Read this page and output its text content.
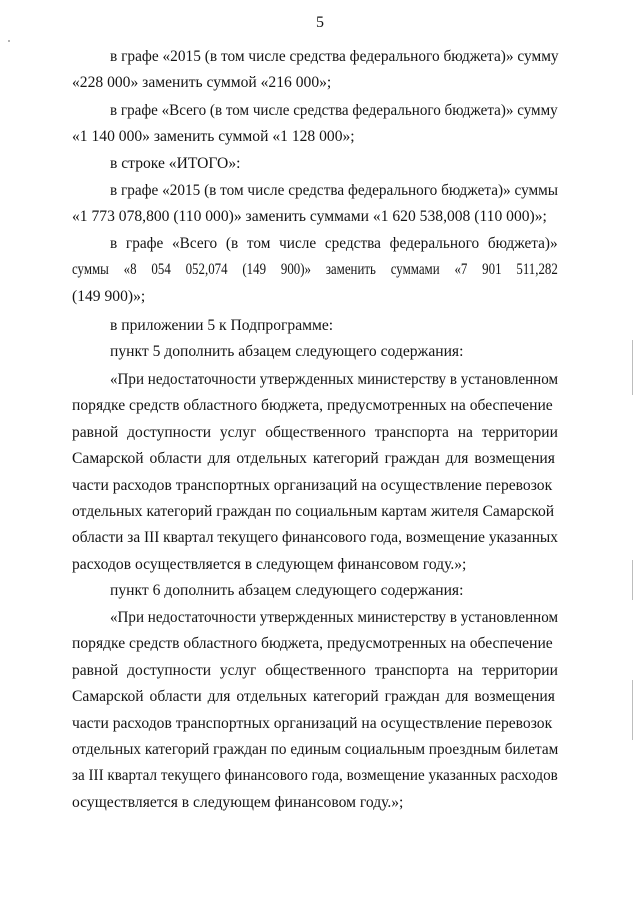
5
в графе «2015 (в том числе средства федерального бюджета)» сумму
«228 000» заменить суммой «216 000»;
в графе «Всего (в том числе средства федерального бюджета)» сумму
«1 140 000» заменить суммой «1 128 000»;
в строке «ИТОГО»:
в графе «2015 (в том числе средства федерального бюджета)» суммы
«1 773 078,800 (110 000)» заменить суммами «1 620 538,008 (110 000)»;
в графе «Всего (в том числе средства федерального бюджета)»
суммы «8 054 052,074 (149 900)» заменить суммами «7 901 511,282
(149 900)»;
в приложении 5 к Подпрограмме:
пункт 5 дополнить абзацем следующего содержания:
«При недостаточности утвержденных министерству в установленном
порядке средств областного бюджета, предусмотренных на обеспечение
равной доступности услуг общественного транспорта на территории
Самарской области для отдельных категорий граждан для возмещения
части расходов транспортных организаций на осуществление перевозок
отдельных категорий граждан по социальным картам жителя Самарской
области за III квартал текущего финансового года, возмещение указанных
расходов осуществляется в следующем финансовом году.»;
пункт 6 дополнить абзацем следующего содержания:
«При недостаточности утвержденных министерству в установленном
порядке средств областного бюджета, предусмотренных на обеспечение
равной доступности услуг общественного транспорта на территории
Самарской области для отдельных категорий граждан для возмещения
части расходов транспортных организаций на осуществление перевозок
отдельных категорий граждан по единым социальным проездным билетам
за III квартал текущего финансового года, возмещение указанных расходов
осуществляется в следующем финансовом году.»;
